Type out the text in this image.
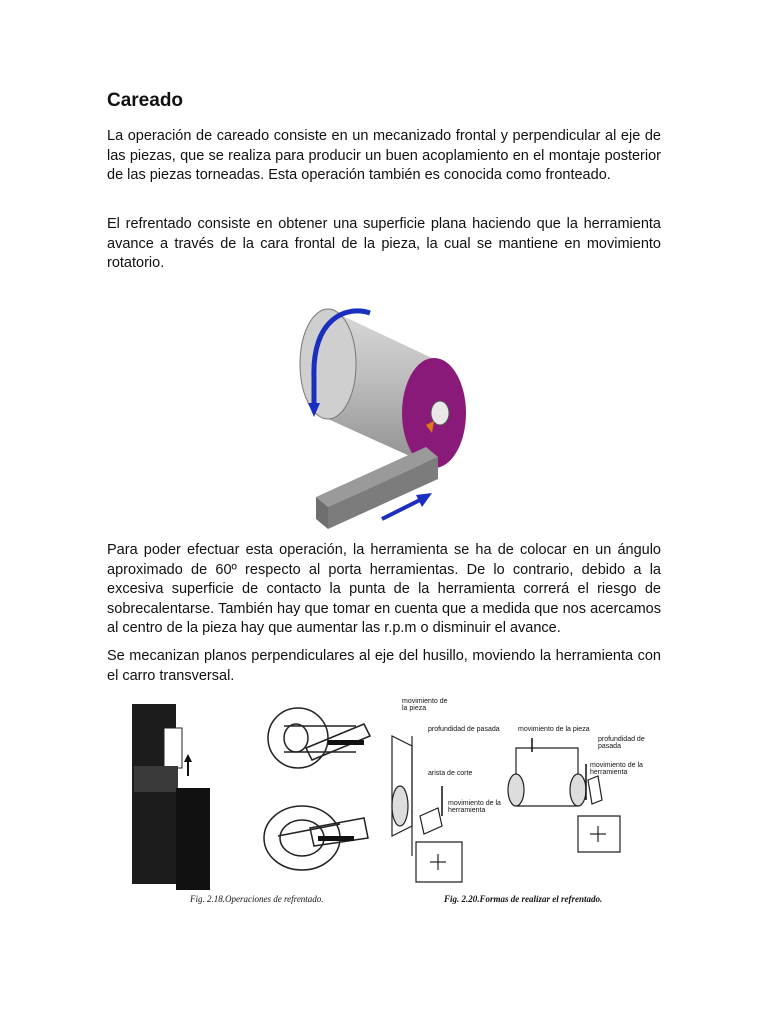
Careado

La operación de careado consiste en un mecanizado frontal y perpendicular al eje de las piezas, que se realiza para producir un buen acoplamiento en el montaje posterior de las piezas torneadas. Esta operación también es conocida como fronteado.

El refrentado consiste en obtener una superficie plana haciendo que la herramienta avance a través de la cara frontal de la pieza, la cual se mantiene en movimiento rotatorio.

Para poder efectuar esta operación, la herramienta se ha de colocar en un ángulo aproximado de 60º respecto al porta herramientas. De lo contrario, debido a la excesiva superficie de contacto la punta de la herramienta correrá el riesgo de sobrecalentarse. También hay que tomar en cuenta que a medida que nos acercamos al centro de la pieza hay que aumentar las r.p.m o disminuir el avance.

Se mecanizan planos perpendiculares al eje del husillo, moviendo la herramienta con el carro transversal.

Fig. 2.18.Operaciones de refrentado.
movimiento de la pieza
profundidad de pasada
arista de corte
movimiento de la herramienta
movimiento de la pieza
profundidad de pasada
movimiento de la herramienta
Fig. 2.20.Formas de realizar el refrentado.
